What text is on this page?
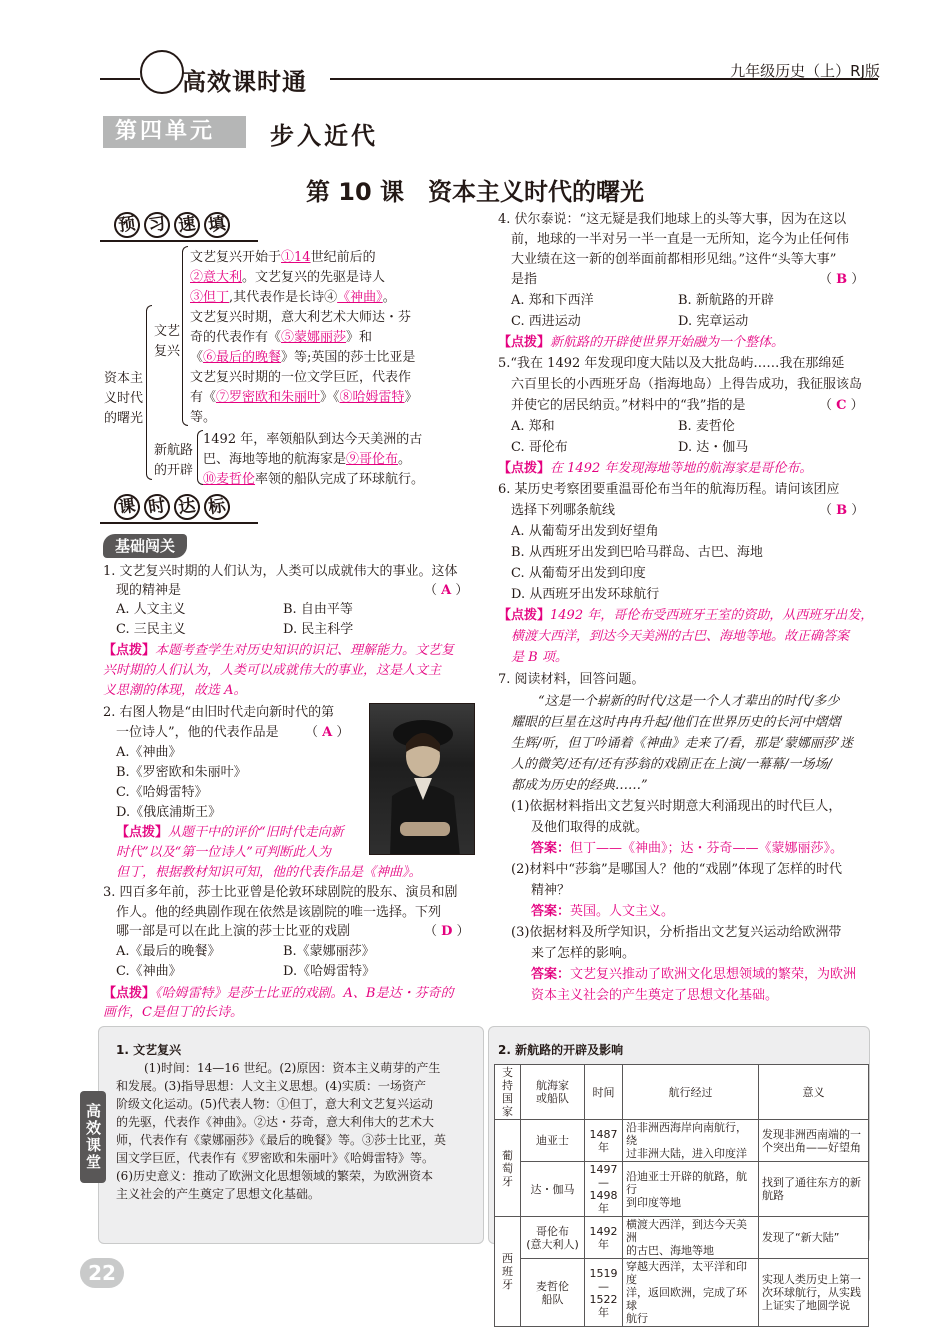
高效课时通	九年级历史（上）RJ版
第四单元	步入近代
第 10 课　资本主义时代的曙光
预 习 速 填
资本主
义时代
的曙光
文艺
复兴
新航路
的开辟
文艺复兴开始于①14世纪前后的
②意大利。文艺复兴的先驱是诗人
③但丁,其代表作是长诗④《神曲》。
文艺复兴时期，意大利艺术大师达・芬
奇的代表作有《⑤蒙娜丽莎》和
《⑥最后的晚餐》等;英国的莎士比亚是
文艺复兴时期的一位文学巨匠，代表作
有《⑦罗密欧和朱丽叶》《⑧哈姆雷特》
等。
1492 年，率领船队到达今天美洲的古
巴、海地等地的航海家是⑨哥伦布。
⑩麦哲伦率领的船队完成了环球航行。
课 时 达 标
基础闯关
1. 文艺复兴时期的人们认为，人类可以成就伟大的事业。这体
现的精神是	（ A ）
A. 人文主义	B. 自由平等
C. 三民主义	D. 民主科学
【点拨】本题考查学生对历史知识的识记、理解能力。文艺复
兴时期的人们认为，人类可以成就伟大的事业，这是人文主
义思潮的体现，故选 A。
2. 右图人物是“由旧时代走向新时代的第
一位诗人”，他的代表作品是 （ A ）
A.《神曲》
B.《罗密欧和朱丽叶》
C.《哈姆雷特》
D.《俄底浦斯王》
【点拨】从题干中的评价“旧时代走向新
时代”以及“第一位诗人”可判断此人为
但丁，根据教材知识可知，他的代表作品是《神曲》。
3. 四百多年前，莎士比亚曾是伦敦环球剧院的股东、演员和剧
作人。他的经典剧作现在依然是该剧院的唯一选择。下列
哪一部是可以在此上演的莎士比亚的戏剧	（ D ）
A.《最后的晚餐》	B.《蒙娜丽莎》
C.《神曲》	D.《哈姆雷特》
【点拨】《哈姆雷特》是莎士比亚的戏剧。A、B是达・芬奇的
画作，C是但丁的长诗。
4. 伏尔泰说：“这无疑是我们地球上的头等大事，因为在这以
前，地球的一半对另一半一直是一无所知，迄今为止任何伟
大业绩在这一新的创举面前都相形见绌。”这件“头等大事”
是指	（ B ）
A. 郑和下西洋	B. 新航路的开辟
C. 西进运动	D. 宪章运动
【点拨】新航路的开辟使世界开始融为一个整体。
5.“我在 1492 年发现印度大陆以及大批岛屿……我在那绵延
六百里长的小西班牙岛（指海地岛）上得告成功，我征服该岛
并使它的居民纳贡。”材料中的“我”指的是	（ C ）
A. 郑和	B. 麦哲伦
C. 哥伦布	D. 达・伽马
【点拨】在 1492 年发现海地等地的航海家是哥伦布。
6. 某历史考察团要重温哥伦布当年的航海历程。请问该团应
选择下列哪条航线	（ B ）
A. 从葡萄牙出发到好望角
B. 从西班牙出发到巴哈马群岛、古巴、海地
C. 从葡萄牙出发到印度
D. 从西班牙出发环球航行
【点拨】1492 年，哥伦布受西班牙王室的资助，从西班牙出发，
横渡大西洋，到达今天美洲的古巴、海地等地。故正确答案
是 B 项。
7. 阅读材料，回答问题。
“这是一个崭新的时代/这是一个人才辈出的时代/多少
耀眼的巨星在这时冉冉升起/他们在世界历史的长河中熠熠
生辉/听，但丁吟诵着《神曲》走来了/看，那是‘蒙娜丽莎’迷
人的微笑/还有/还有莎翁的戏剧正在上演/一幕幕/一场场/
都成为历史的经典……”
(1)依据材料指出文艺复兴时期意大利涌现出的时代巨人，
及他们取得的成就。
答案：但丁——《神曲》；达・芬奇——《蒙娜丽莎》。
(2)材料中“莎翁”是哪国人？他的“戏剧”体现了怎样的时代
精神？
答案：英国。人文主义。
(3)依据材料及所学知识，分析指出文艺复兴运动给欧洲带
来了怎样的影响。
答案：文艺复兴推动了欧洲文化思想领域的繁荣，为欧洲
资本主义社会的产生奠定了思想文化基础。
1. 文艺复兴
(1)时间：14—16 世纪。(2)原因：资本主义萌芽的产生
和发展。(3)指导思想：人文主义思想。(4)实质：一场资产
阶级文化运动。(5)代表人物：①但丁，意大利文艺复兴运动
的先驱，代表作《神曲》。②达・芬奇，意大利伟大的艺术大
师，代表作有《蒙娜丽莎》《最后的晚餐》等。③莎士比亚，英
国文学巨匠，代表作有《罗密欧和朱丽叶》《哈姆雷特》等。
(6)历史意义：推动了欧洲文化思想领域的繁荣，为欧洲资本
主义社会的产生奠定了思想文化基础。
2. 新航路的开辟及影响
支持
国家	航海家
或船队	时间	航行经过	意义
葡
萄
牙	迪亚士	1487 年	沿非洲西海岸向南航行，绕
过非洲大陆，进入印度洋	发现非洲西南端的一
个突出角——好望角
	达・伽马	1497—
1498 年	沿迪亚士开辟的航路，航行
到印度等地	找到了通往东方的新
航路
西
班
牙	哥伦布
(意大利人)	1492 年	横渡大西洋，到达今天美洲
的古巴、海地等地	发现了“新大陆”
	麦哲伦
船队	1519—
1522 年	穿越大西洋，太平洋和印度
洋，返回欧洲，完成了环球
航行	实现人类历史上第一
次环球航行，从实践
上证实了地圆学说
高效课堂
22
